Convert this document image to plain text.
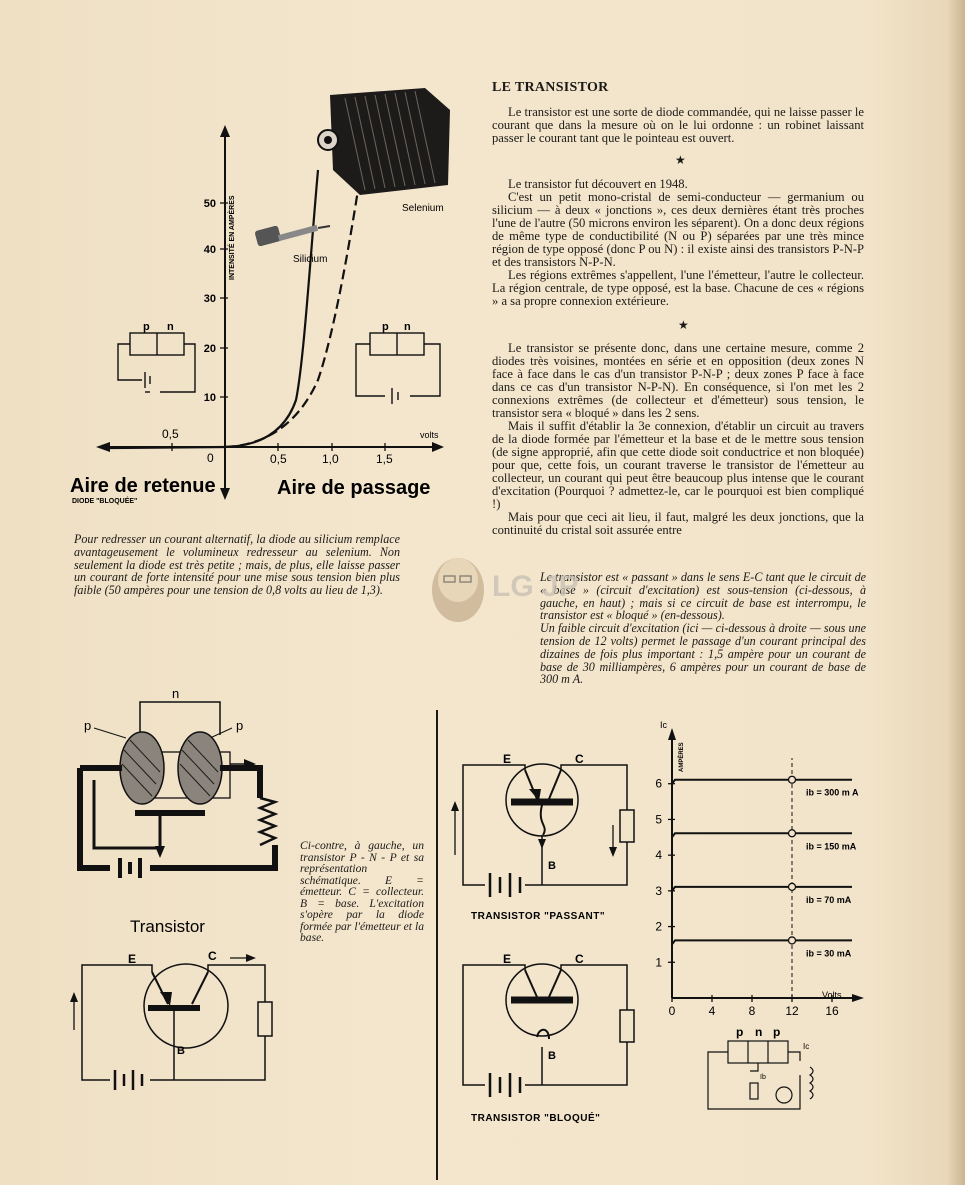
LE TRANSISTOR

Le transistor est une sorte de diode commandée, qui ne laisse passer le courant que dans la mesure où on le lui ordonne : un robinet laissant passer le courant tant que le pointeau est ouvert.

★

Le transistor fut découvert en 1948.

C'est un petit mono-cristal de semi-conducteur — germanium ou silicium — à deux « jonctions », ces deux dernières étant très proches l'une de l'autre (50 microns environ les séparent). On a donc deux régions de même type de conductibilité (N ou P) séparées par une très mince région de type opposé (donc P ou N) : il existe ainsi des transistors P-N-P et des transistors N-P-N.

Les régions extrêmes s'appellent, l'une l'émetteur, l'autre le collecteur. La région centrale, de type opposé, est la base. Chacune de ces « régions » a sa propre connexion extérieure.

★

Le transistor se présente donc, dans une certaine mesure, comme 2 diodes très voisines, montées en série et en opposition (deux zones N face à face dans le cas d'un transistor P-N-P ; deux zones P face à face dans ce cas d'un transistor N-P-N). En conséquence, si l'on met les 2 connexions extrêmes (de collecteur et d'émetteur) sous tension, le transistor sera « bloqué » dans les 2 sens.

Mais il suffit d'établir la 3e connexion, d'établir un circuit au travers de la diode formée par l'émetteur et la base et de le mettre sous tension (de signe approprié, afin que cette diode soit conductrice et non bloquée) pour que, cette fois, un courant traverse le transistor de l'émetteur au collecteur, un courant qui peut être beaucoup plus intense que le courant d'excitation (Pourquoi ? admettez-le, car le pourquoi est bien compliqué !)

Mais pour que ceci ait lieu, il faut, malgré les deux jonctions, que la continuité du cristal soit assurée entre

Pour redresser un courant alternatif, la diode au silicium remplace avantageusement le volumineux redresseur au selenium. Non seulement la diode est très petite ; mais, de plus, elle laisse passer un courant de forte intensité pour une mise sous tension bien plus faible (50 ampères pour une tension de 0,8 volts au lieu de 1,3).

Le transistor est « passant » dans le sens E-C tant que le circuit de « base » (circuit d'excitation) est sous-tension (ci-dessous, à gauche, en haut) ; mais si ce circuit de base est interrompu, le transistor est « bloqué » (en-dessous).

Un faible circuit d'excitation (ici — ci-dessous à droite — sous une tension de 12 volts) permet le passage d'un courant principal des dizaines de fois plus important : 1,5 ampère pour un courant de base de 30 milliampères, 6 ampères pour un courant de base de 300 m A.

Ci-contre, à gauche, un transistor P - N - P et sa représentation schématique. E = émetteur. C = collecteur. B = base. L'excitation s'opère par la diode formée par l'émetteur et la base.

LG JP
10
20
30
40
50 INTENSITÉ EN AMPÈRES
0,5	1,0	1,5
0,5
0
volts
Selenium
Silicium
p n	p n
Aire de retenue
DIODE "BLOQUÉE"
Aire de passage
n
p	p
Transistor
E	C
B
E	C
B
TRANSISTOR "PASSANT"
E	C
B
TRANSISTOR "BLOQUÉ"
ib = 300 m A
ib = 150 mA
ib = 70 mA
ib = 30 mA
1
2
3
4
5
6
0	4	8 12 16
Ic
AMPÈRES
Volts
p n p
Ic
Ib
